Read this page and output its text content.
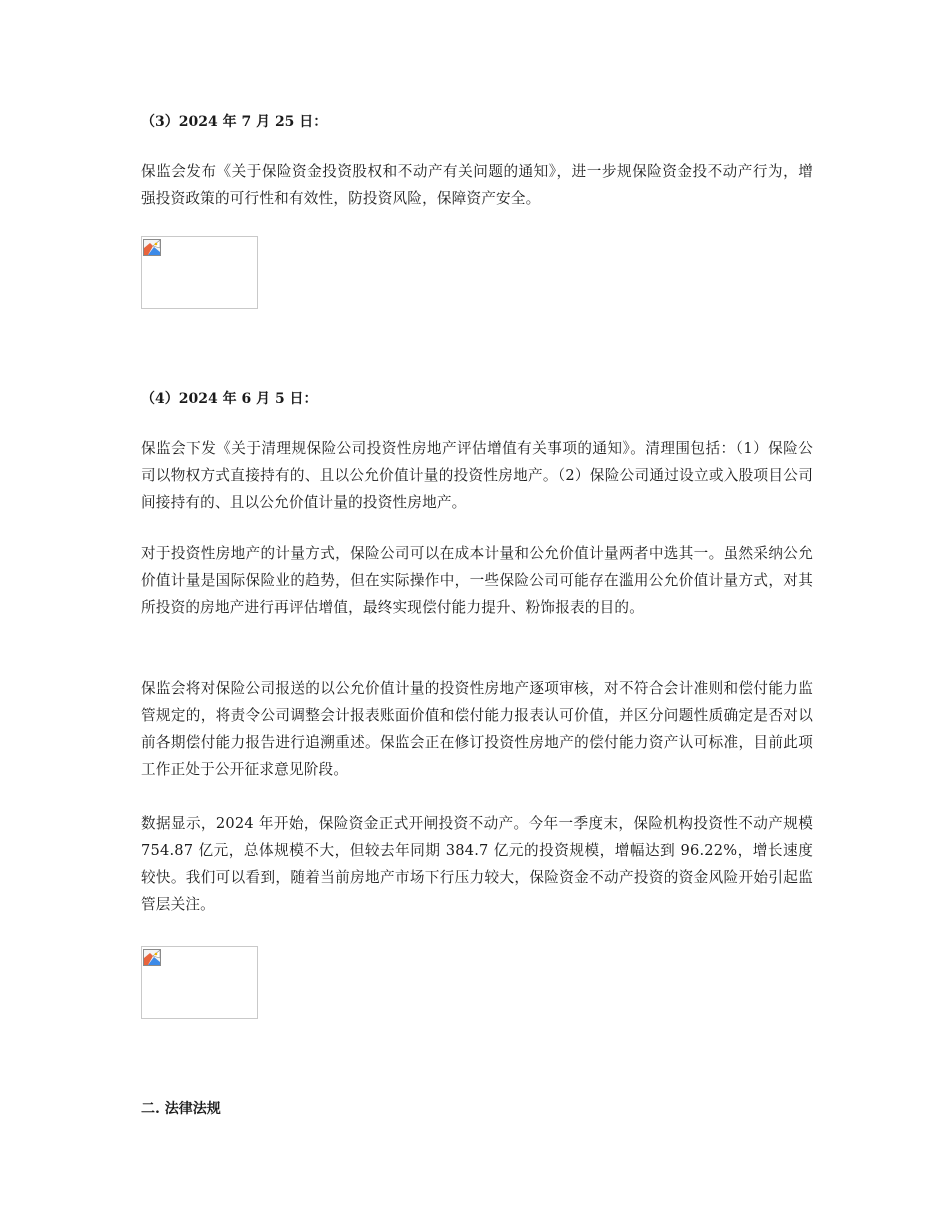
（3）2024 年 7 月 25 日：
保监会发布《关于保险资金投资股权和不动产有关问题的通知》，进一步规保险资金投不动产行为，增强投资政策的可行性和有效性，防投资风险，保障资产安全。
（4）2024 年 6 月 5 日：
保监会下发《关于清理规保险公司投资性房地产评估增值有关事项的通知》。清理围包括：（1）保险公司以物权方式直接持有的、且以公允价值计量的投资性房地产。（2）保险公司通过设立或入股项目公司间接持有的、且以公允价值计量的投资性房地产。
对于投资性房地产的计量方式，保险公司可以在成本计量和公允价值计量两者中选其一。虽然采纳公允价值计量是国际保险业的趋势，但在实际操作中，一些保险公司可能存在滥用公允价值计量方式，对其所投资的房地产进行再评估增值，最终实现偿付能力提升、粉饰报表的目的。
保监会将对保险公司报送的以公允价值计量的投资性房地产逐项审核，对不符合会计准则和偿付能力监管规定的，将责令公司调整会计报表账面价值和偿付能力报表认可价值，并区分问题性质确定是否对以前各期偿付能力报告进行追溯重述。保监会正在修订投资性房地产的偿付能力资产认可标准，目前此项工作正处于公开征求意见阶段。
数据显示，2024 年开始，保险资金正式开闸投资不动产。今年一季度末，保险机构投资性不动产规模 754.87 亿元，总体规模不大，但较去年同期 384.7 亿元的投资规模，增幅达到 96.22%，增长速度较快。我们可以看到，随着当前房地产市场下行压力较大，保险资金不动产投资的资金风险开始引起监管层关注。
二. 法律法规
